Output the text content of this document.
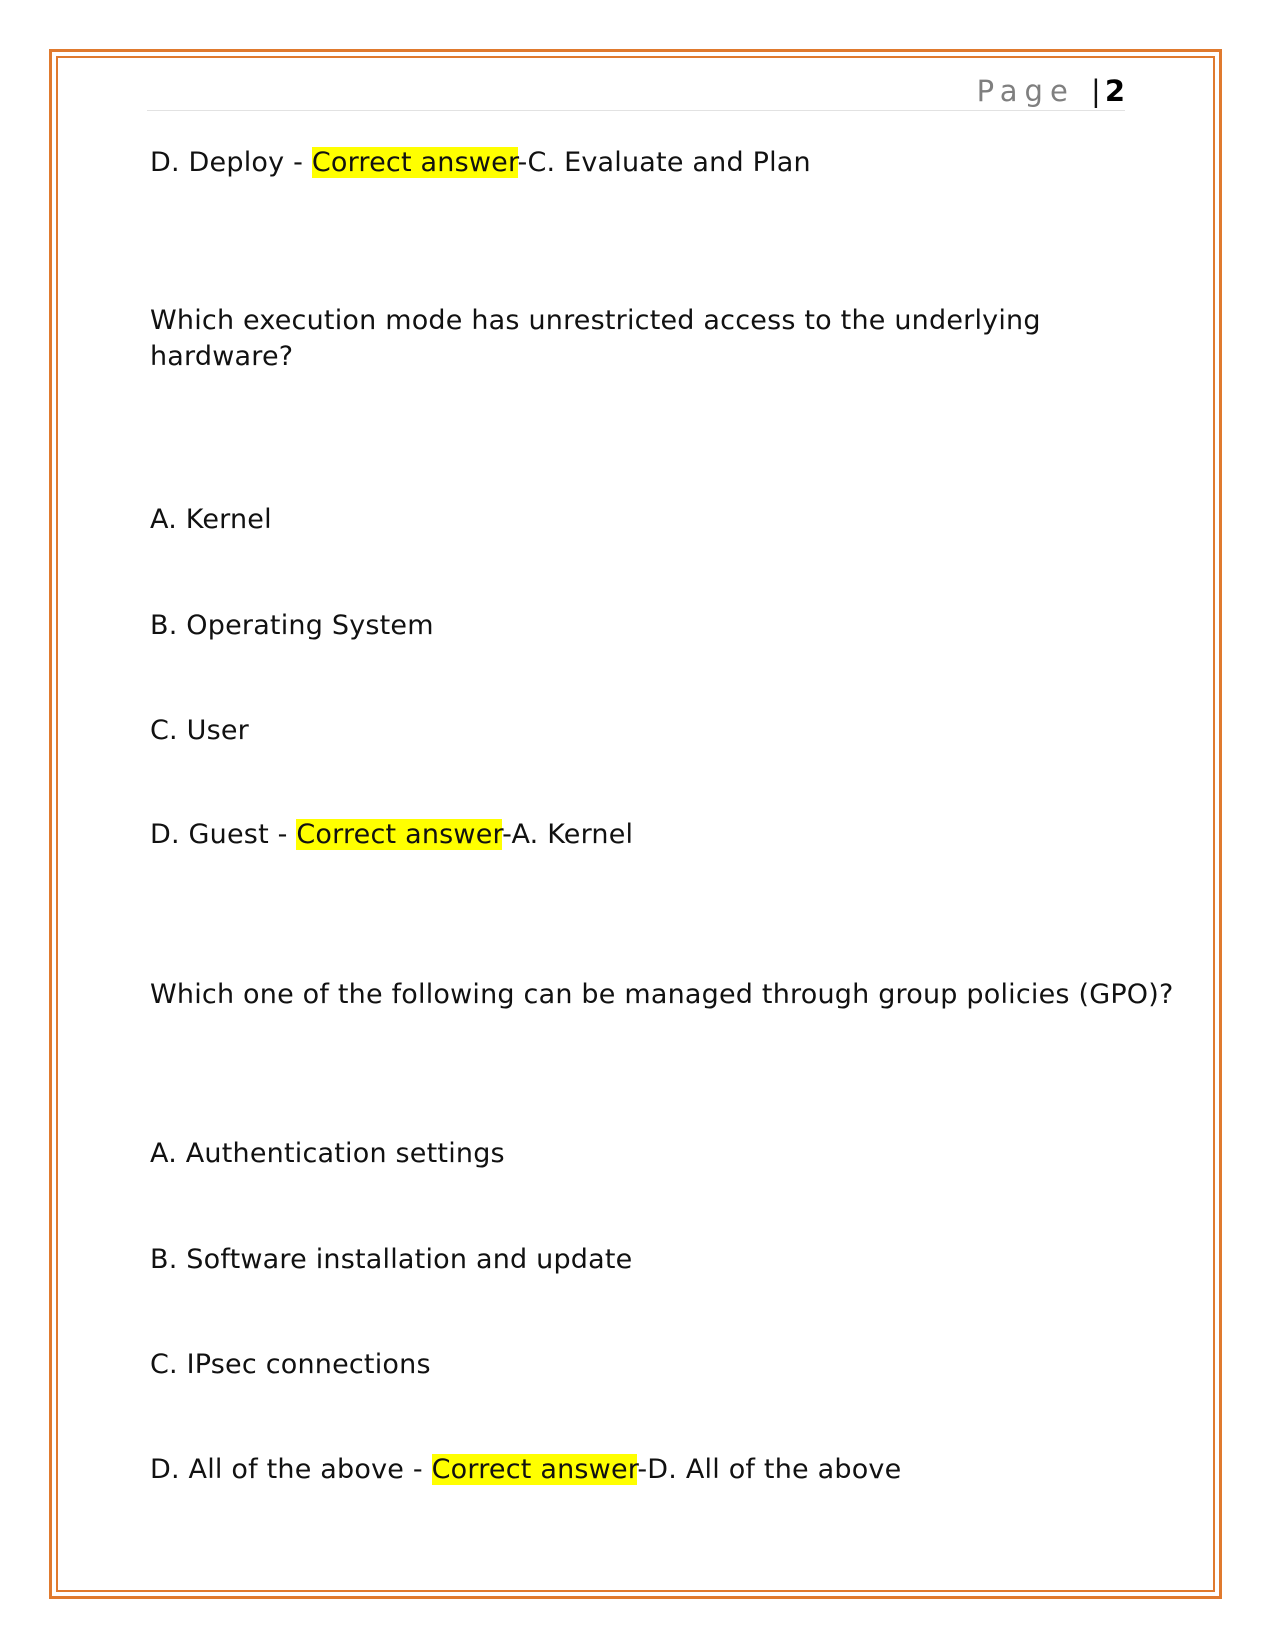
Page |2
D. Deploy - Correct answer-C. Evaluate and Plan
Which execution mode has unrestricted access to the underlying hardware?
A. Kernel
B. Operating System
C. User
D. Guest - Correct answer-A. Kernel
Which one of the following can be managed through group policies (GPO)?
A. Authentication settings
B. Software installation and update
C. IPsec connections
D. All of the above - Correct answer-D. All of the above
